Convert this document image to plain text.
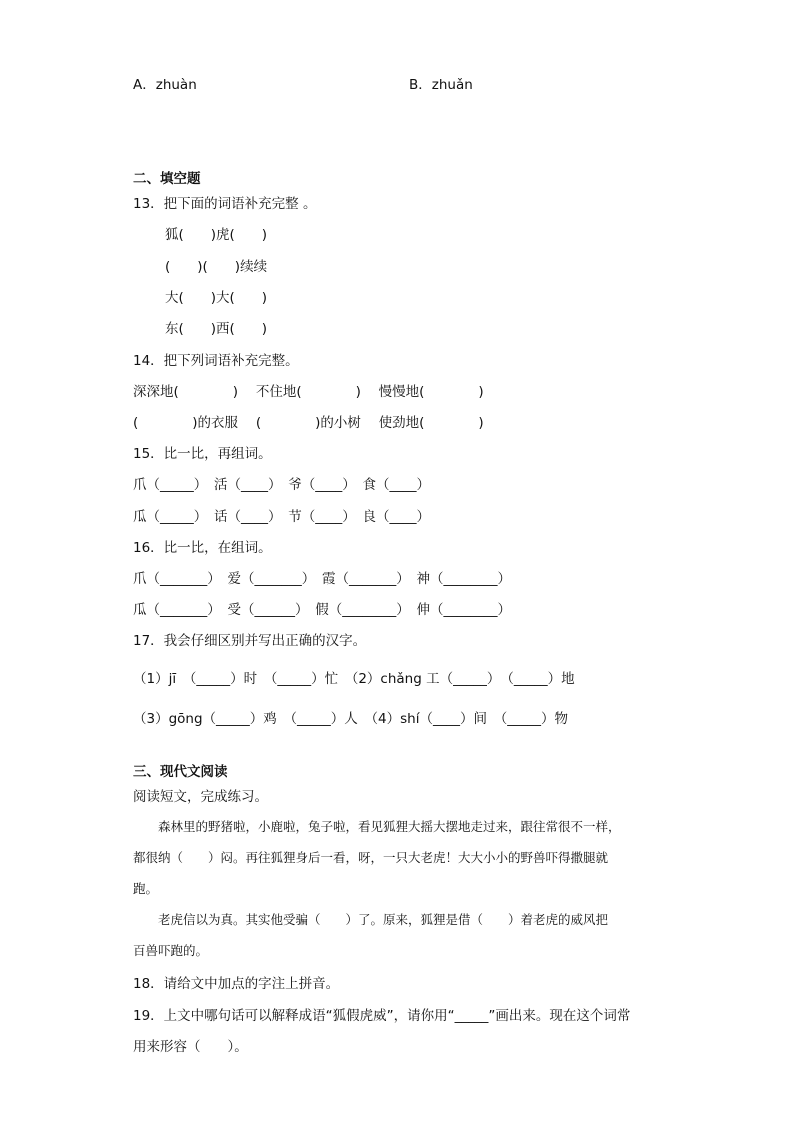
A．zhuàn	B．zhuǎn
二、填空题
13．把下面的词语补充完整 。
狐(　　)虎(　　)
(　　)(　　)续续
大(　　)大(　　)
东(　　)西(　　)
14．把下列词语补充完整。
深深地(　　　　)　 不住地(　　　　)　 慢慢地(　　　　)
(　　　　)的衣服　 (　　　　)的小树　 使劲地(　　　　)
15．比一比，再组词。
爪（_____）　活（____）　爷（____）　食（____）
瓜（_____）　话（____）　节（____）　良（____）
16．比一比，在组词。
爪（_______）　爱（_______）　霞（_______）　神（________）
瓜（_______）　受（______）　假（________）　伸（________）
17．我会仔细区别并写出正确的汉字。
（1）jī　（_____）时　（_____）忙　（2）chǎng 工（_____）　（_____）地
（3）gōng（_____）鸡　（_____）人　（4）shí（____）间　（_____）物
三、现代文阅读
阅读短文，完成练习。
　　森林里的野猪啦，小鹿啦，兔子啦，看见狐狸大摇大摆地走过来，跟往常很不一样，
都很纳（　　）闷。再往狐狸身后一看，呀，一只大老虎！大大小小的野兽吓得撒腿就
跑。
　　老虎信以为真。其实他受骗（　　）了。原来，狐狸是借（　　）着老虎的威风把
百兽吓跑的。
18．请给文中加点的字注上拼音。
19．上文中哪句话可以解释成语“狐假虎威”，请你用“_____”画出来。现在这个词常
用来形容（　　）。
